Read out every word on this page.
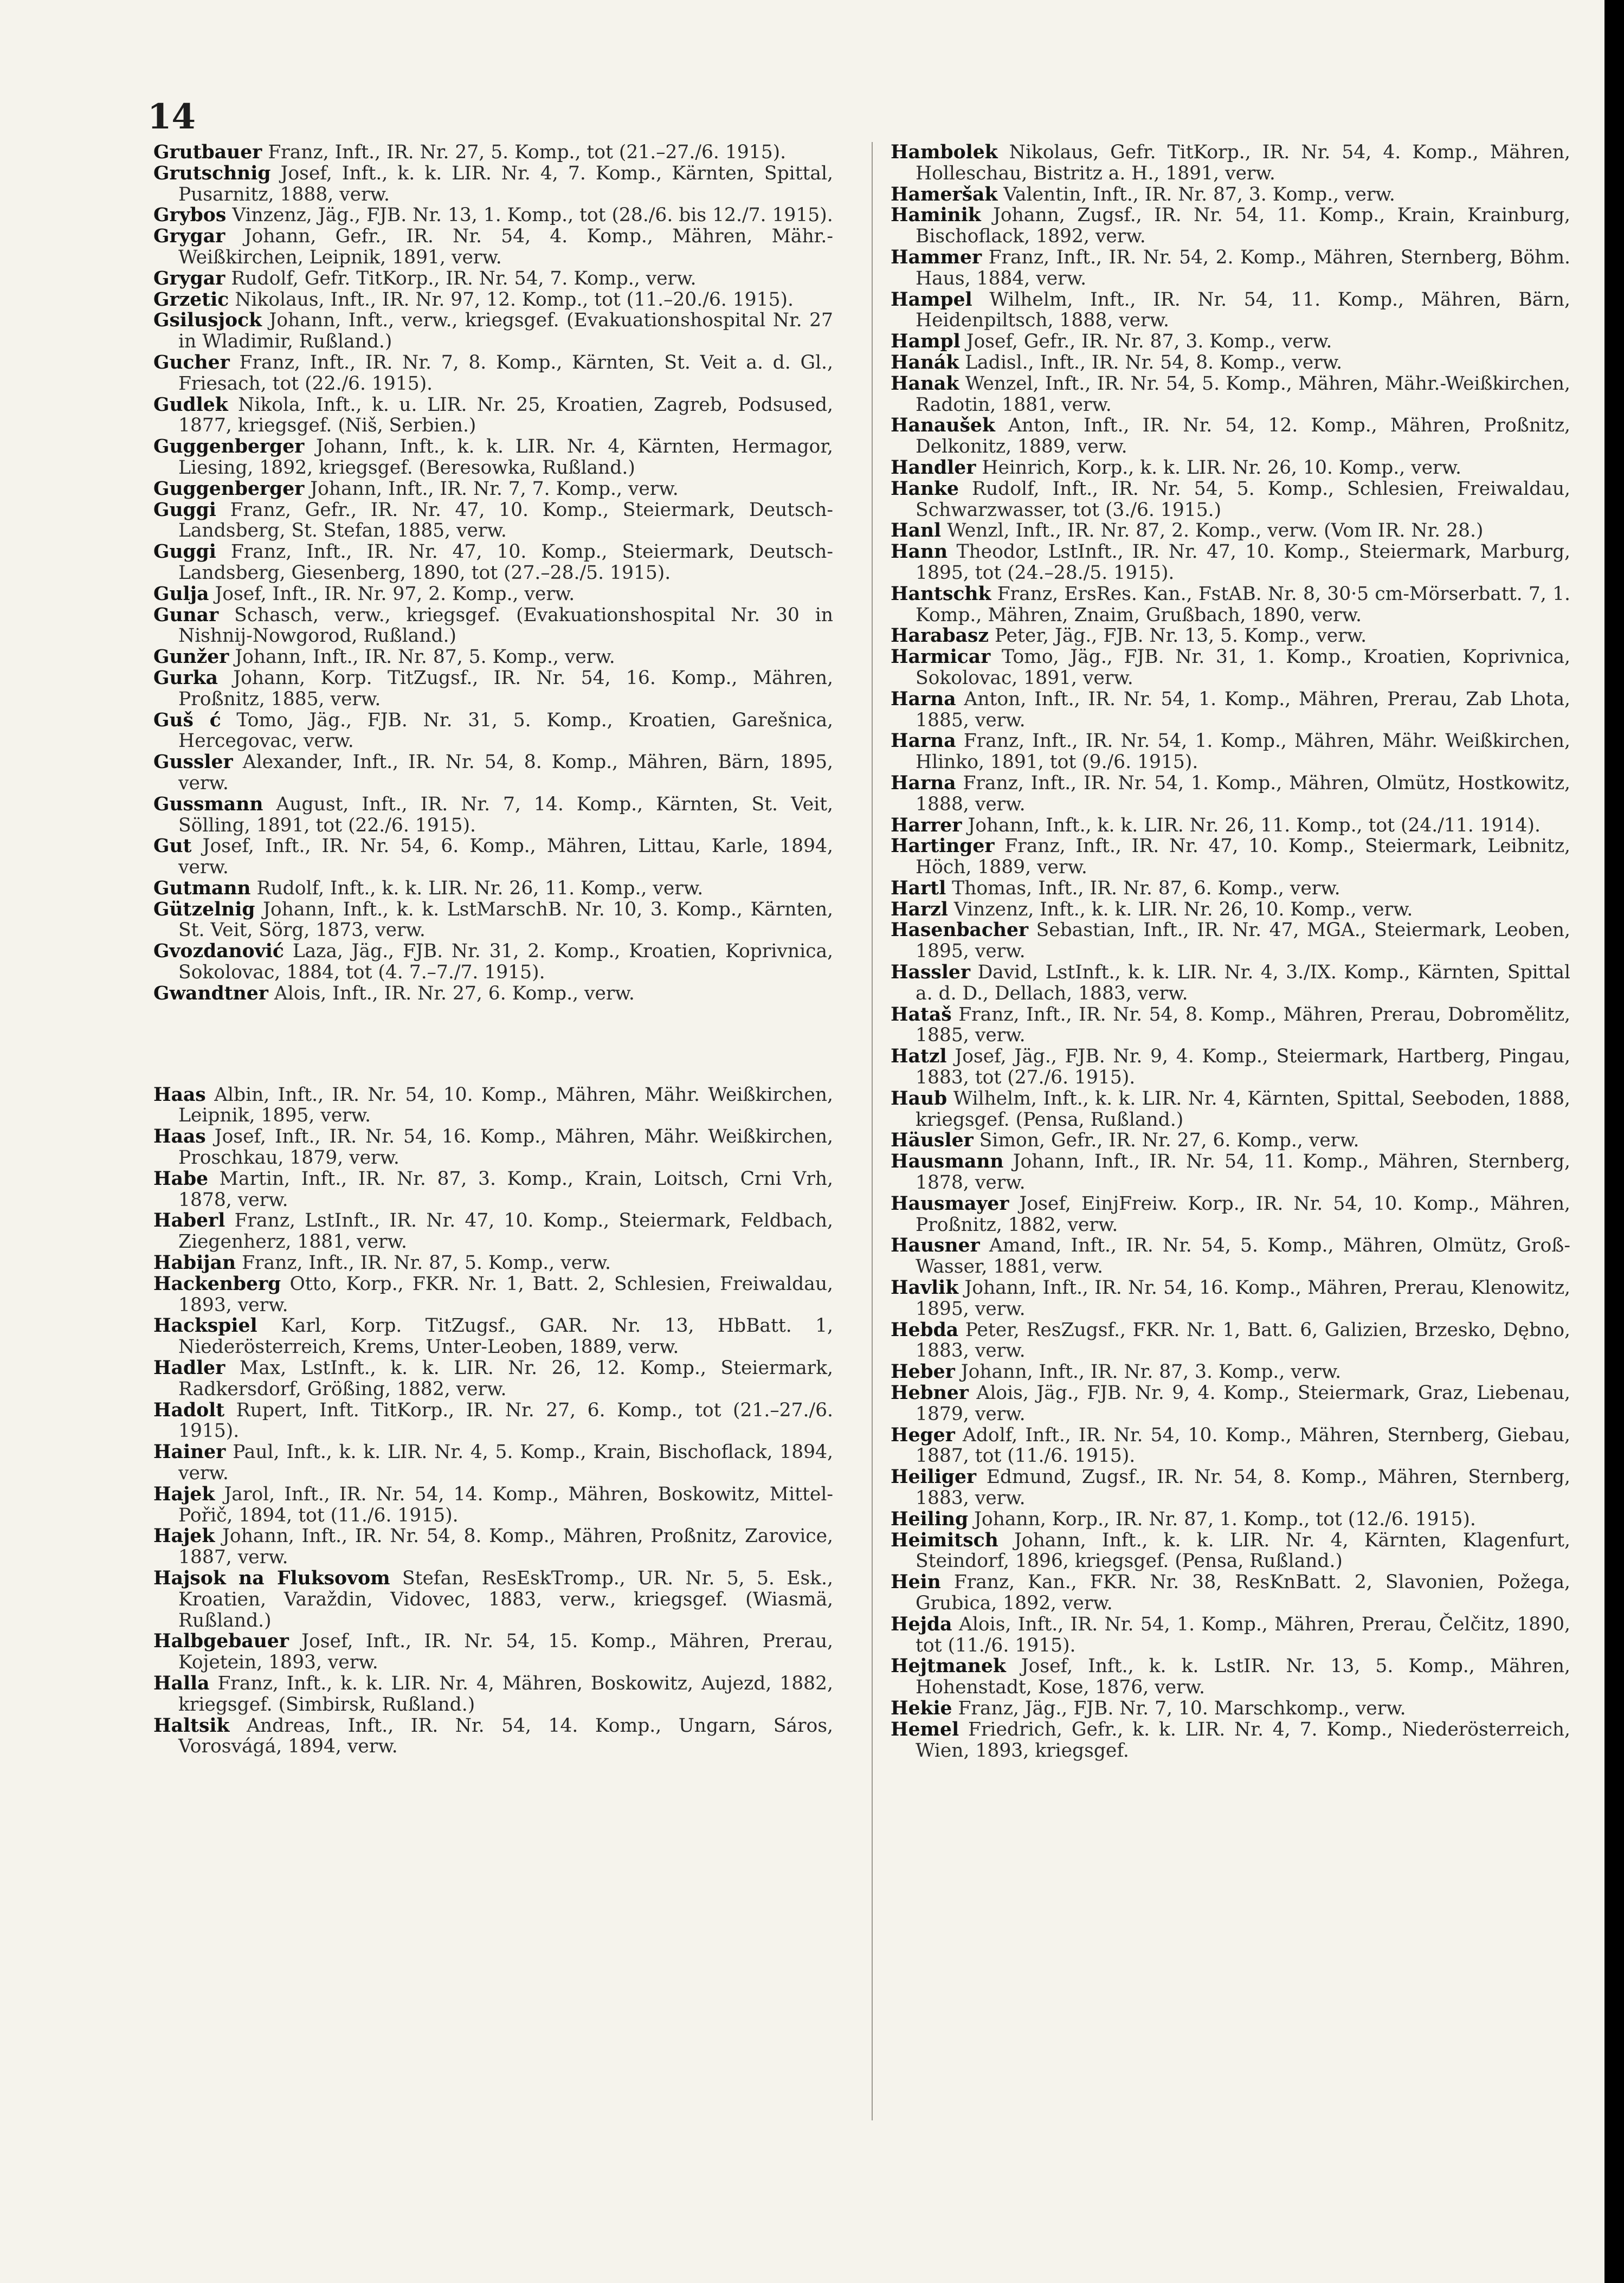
14
Grutbauer Franz, Inft., IR. Nr. 27, 5. Komp., tot (21.–27./6. 1915).
Grutschnig Josef, Inft., k. k. LIR. Nr. 4, 7. Komp., Kärnten, Spittal, Pusarnitz, 1888, verw.
Grybos Vinzenz, Jäg., FJB. Nr. 13, 1. Komp., tot (28./6. bis 12./7. 1915).
Grygar Johann, Gefr., IR. Nr. 54, 4. Komp., Mähren, Mähr.-Weißkirchen, Leipnik, 1891, verw.
Grygar Rudolf, Gefr. TitKorp., IR. Nr. 54, 7. Komp., verw.
Grzetic Nikolaus, Inft., IR. Nr. 97, 12. Komp., tot (11.–20./6. 1915).
Gsilusjock Johann, Inft., verw., kriegsgef. (Evakuationshospital Nr. 27 in Wladimir, Rußland.)
Gucher Franz, Inft., IR. Nr. 7, 8. Komp., Kärnten, St. Veit a. d. Gl., Friesach, tot (22./6. 1915).
Gudlek Nikola, Inft., k. u. LIR. Nr. 25, Kroatien, Zagreb, Podsused, 1877, kriegsgef. (Niš, Serbien.)
Guggenberger Johann, Inft., k. k. LIR. Nr. 4, Kärnten, Hermagor, Liesing, 1892, kriegsgef. (Beresowka, Rußland.)
Guggenberger Johann, Inft., IR. Nr. 7, 7. Komp., verw.
Guggi Franz, Gefr., IR. Nr. 47, 10. Komp., Steiermark, Deutsch-Landsberg, St. Stefan, 1885, verw.
Guggi Franz, Inft., IR. Nr. 47, 10. Komp., Steiermark, Deutsch-Landsberg, Giesenberg, 1890, tot (27.–28./5. 1915).
Gulja Josef, Inft., IR. Nr. 97, 2. Komp., verw.
Gunar Schasch, verw., kriegsgef. (Evakuationshospital Nr. 30 in Nishnij-Nowgorod, Rußland.)
Gunžer Johann, Inft., IR. Nr. 87, 5. Komp., verw.
Gurka Johann, Korp. TitZugsf., IR. Nr. 54, 16. Komp., Mähren, Proßnitz, 1885, verw.
Guš ć Tomo, Jäg., FJB. Nr. 31, 5. Komp., Kroatien, Garešnica, Hercegovac, verw.
Gussler Alexander, Inft., IR. Nr. 54, 8. Komp., Mähren, Bärn, 1895, verw.
Gussmann August, Inft., IR. Nr. 7, 14. Komp., Kärnten, St. Veit, Sölling, 1891, tot (22./6. 1915).
Gut Josef, Inft., IR. Nr. 54, 6. Komp., Mähren, Littau, Karle, 1894, verw.
Gutmann Rudolf, Inft., k. k. LIR. Nr. 26, 11. Komp., verw.
Gützelnig Johann, Inft., k. k. LstMarschB. Nr. 10, 3. Komp., Kärnten, St. Veit, Sörg, 1873, verw.
Gvozdanović Laza, Jäg., FJB. Nr. 31, 2. Komp., Kroatien, Koprivnica, Sokolovac, 1884, tot (4. 7.–7./7. 1915).
Gwandtner Alois, Inft., IR. Nr. 27, 6. Komp., verw.
Haas Albin, Inft., IR. Nr. 54, 10. Komp., Mähren, Mähr. Weißkirchen, Leipnik, 1895, verw.
Haas Josef, Inft., IR. Nr. 54, 16. Komp., Mähren, Mähr. Weißkirchen, Proschkau, 1879, verw.
Habe Martin, Inft., IR. Nr. 87, 3. Komp., Krain, Loitsch, Crni Vrh, 1878, verw.
Haberl Franz, LstInft., IR. Nr. 47, 10. Komp., Steiermark, Feldbach, Ziegenherz, 1881, verw.
Habijan Franz, Inft., IR. Nr. 87, 5. Komp., verw.
Hackenberg Otto, Korp., FKR. Nr. 1, Batt. 2, Schlesien, Freiwaldau, 1893, verw.
Hackspiel Karl, Korp. TitZugsf., GAR. Nr. 13, HbBatt. 1, Niederösterreich, Krems, Unter-Leoben, 1889, verw.
Hadler Max, LstInft., k. k. LIR. Nr. 26, 12. Komp., Steiermark, Radkersdorf, Größing, 1882, verw.
Hadolt Rupert, Inft. TitKorp., IR. Nr. 27, 6. Komp., tot (21.–27./6. 1915).
Hainer Paul, Inft., k. k. LIR. Nr. 4, 5. Komp., Krain, Bischoflack, 1894, verw.
Hajek Jarol, Inft., IR. Nr. 54, 14. Komp., Mähren, Boskowitz, Mittel-Pořič, 1894, tot (11./6. 1915).
Hajek Johann, Inft., IR. Nr. 54, 8. Komp., Mähren, Proßnitz, Zarovice, 1887, verw.
Hajsok na Fluksovom Stefan, ResEskTromp., UR. Nr. 5, 5. Esk., Kroatien, Varaždin, Vidovec, 1883, verw., kriegsgef. (Wiasmä, Rußland.)
Halbgebauer Josef, Inft., IR. Nr. 54, 15. Komp., Mähren, Prerau, Kojetein, 1893, verw.
Halla Franz, Inft., k. k. LIR. Nr. 4, Mähren, Boskowitz, Aujezd, 1882, kriegsgef. (Simbirsk, Rußland.)
Haltsik Andreas, Inft., IR. Nr. 54, 14. Komp., Ungarn, Sáros, Vorosvágá, 1894, verw.
Hambolek Nikolaus, Gefr. TitKorp., IR. Nr. 54, 4. Komp., Mähren, Holleschau, Bistritz a. H., 1891, verw.
Hameršak Valentin, Inft., IR. Nr. 87, 3. Komp., verw.
Haminik Johann, Zugsf., IR. Nr. 54, 11. Komp., Krain, Krainburg, Bischoflack, 1892, verw.
Hammer Franz, Inft., IR. Nr. 54, 2. Komp., Mähren, Sternberg, Böhm. Haus, 1884, verw.
Hampel Wilhelm, Inft., IR. Nr. 54, 11. Komp., Mähren, Bärn, Heidenpiltsch, 1888, verw.
Hampl Josef, Gefr., IR. Nr. 87, 3. Komp., verw.
Hanák Ladisl., Inft., IR. Nr. 54, 8. Komp., verw.
Hanak Wenzel, Inft., IR. Nr. 54, 5. Komp., Mähren, Mähr.-Weißkirchen, Radotin, 1881, verw.
Hanaušek Anton, Inft., IR. Nr. 54, 12. Komp., Mähren, Proßnitz, Delkonitz, 1889, verw.
Handler Heinrich, Korp., k. k. LIR. Nr. 26, 10. Komp., verw.
Hanke Rudolf, Inft., IR. Nr. 54, 5. Komp., Schlesien, Freiwaldau, Schwarzwasser, tot (3./6. 1915.)
Hanl Wenzl, Inft., IR. Nr. 87, 2. Komp., verw. (Vom IR. Nr. 28.)
Hann Theodor, LstInft., IR. Nr. 47, 10. Komp., Steiermark, Marburg, 1895, tot (24.–28./5. 1915).
Hantschk Franz, ErsRes. Kan., FstAB. Nr. 8, 30·5 cm-Mörserbatt. 7, 1. Komp., Mähren, Znaim, Grußbach, 1890, verw.
Harabasz Peter, Jäg., FJB. Nr. 13, 5. Komp., verw.
Harmicar Tomo, Jäg., FJB. Nr. 31, 1. Komp., Kroatien, Koprivnica, Sokolovac, 1891, verw.
Harna Anton, Inft., IR. Nr. 54, 1. Komp., Mähren, Prerau, Zab Lhota, 1885, verw.
Harna Franz, Inft., IR. Nr. 54, 1. Komp., Mähren, Mähr. Weißkirchen, Hlinko, 1891, tot (9./6. 1915).
Harna Franz, Inft., IR. Nr. 54, 1. Komp., Mähren, Olmütz, Hostkowitz, 1888, verw.
Harrer Johann, Inft., k. k. LIR. Nr. 26, 11. Komp., tot (24./11. 1914).
Hartinger Franz, Inft., IR. Nr. 47, 10. Komp., Steiermark, Leibnitz, Höch, 1889, verw.
Hartl Thomas, Inft., IR. Nr. 87, 6. Komp., verw.
Harzl Vinzenz, Inft., k. k. LIR. Nr. 26, 10. Komp., verw.
Hasenbacher Sebastian, Inft., IR. Nr. 47, MGA., Steiermark, Leoben, 1895, verw.
Hassler David, LstInft., k. k. LIR. Nr. 4, 3./IX. Komp., Kärnten, Spittal a. d. D., Dellach, 1883, verw.
Hataš Franz, Inft., IR. Nr. 54, 8. Komp., Mähren, Prerau, Dobromělitz, 1885, verw.
Hatzl Josef, Jäg., FJB. Nr. 9, 4. Komp., Steiermark, Hartberg, Pingau, 1883, tot (27./6. 1915).
Haub Wilhelm, Inft., k. k. LIR. Nr. 4, Kärnten, Spittal, Seeboden, 1888, kriegsgef. (Pensa, Rußland.)
Häusler Simon, Gefr., IR. Nr. 27, 6. Komp., verw.
Hausmann Johann, Inft., IR. Nr. 54, 11. Komp., Mähren, Sternberg, 1878, verw.
Hausmayer Josef, EinjFreiw. Korp., IR. Nr. 54, 10. Komp., Mähren, Proßnitz, 1882, verw.
Hausner Amand, Inft., IR. Nr. 54, 5. Komp., Mähren, Olmütz, Groß-Wasser, 1881, verw.
Havlik Johann, Inft., IR. Nr. 54, 16. Komp., Mähren, Prerau, Klenowitz, 1895, verw.
Hebda Peter, ResZugsf., FKR. Nr. 1, Batt. 6, Galizien, Brzesko, Dębno, 1883, verw.
Heber Johann, Inft., IR. Nr. 87, 3. Komp., verw.
Hebner Alois, Jäg., FJB. Nr. 9, 4. Komp., Steiermark, Graz, Liebenau, 1879, verw.
Heger Adolf, Inft., IR. Nr. 54, 10. Komp., Mähren, Sternberg, Giebau, 1887, tot (11./6. 1915).
Heiliger Edmund, Zugsf., IR. Nr. 54, 8. Komp., Mähren, Sternberg, 1883, verw.
Heiling Johann, Korp., IR. Nr. 87, 1. Komp., tot (12./6. 1915).
Heimitsch Johann, Inft., k. k. LIR. Nr. 4, Kärnten, Klagenfurt, Steindorf, 1896, kriegsgef. (Pensa, Rußland.)
Hein Franz, Kan., FKR. Nr. 38, ResKnBatt. 2, Slavonien, Požega, Grubica, 1892, verw.
Hejda Alois, Inft., IR. Nr. 54, 1. Komp., Mähren, Prerau, Čelčitz, 1890, tot (11./6. 1915).
Hejtmanek Josef, Inft., k. k. LstIR. Nr. 13, 5. Komp., Mähren, Hohenstadt, Kose, 1876, verw.
Hekie Franz, Jäg., FJB. Nr. 7, 10. Marschkomp., verw.
Hemel Friedrich, Gefr., k. k. LIR. Nr. 4, 7. Komp., Niederösterreich, Wien, 1893, kriegsgef.
